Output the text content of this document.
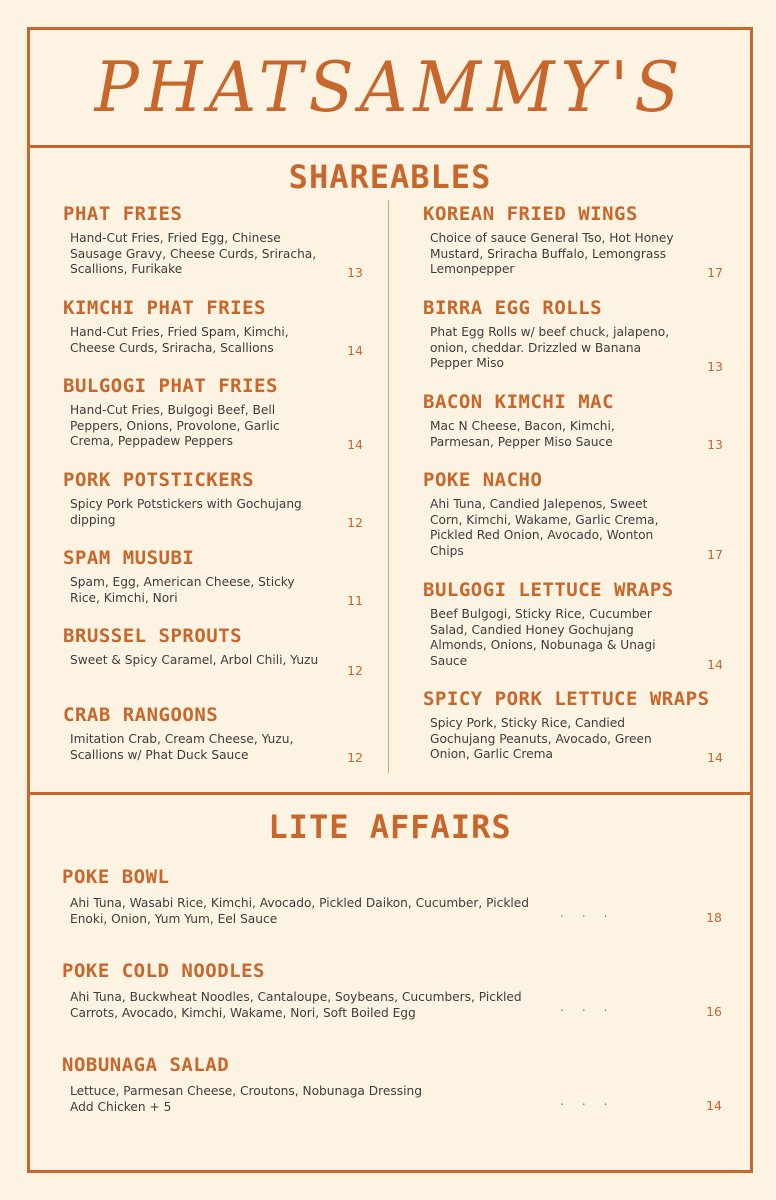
PHATSAMMY'S
SHAREABLES
PHAT FRIES
Hand-Cut Fries, Fried Egg, Chinese Sausage Gravy, Cheese Curds, Sriracha, Scallions, Furikake	13
KIMCHI PHAT FRIES
Hand-Cut Fries, Fried Spam, Kimchi, Cheese Curds, Sriracha, Scallions	14
BULGOGI PHAT FRIES
Hand-Cut Fries, Bulgogi Beef, Bell Peppers, Onions, Provolone, Garlic Crema, Peppadew Peppers	14
PORK POTSTICKERS
Spicy Pork Potstickers with Gochujang dipping	12
SPAM MUSUBI
Spam, Egg, American Cheese, Sticky Rice, Kimchi, Nori	11
BRUSSEL SPROUTS
Sweet & Spicy Caramel, Arbol Chili, Yuzu
12
CRAB RANGOONS
Imitation Crab, Cream Cheese, Yuzu, Scallions w/ Phat Duck Sauce	12
KOREAN FRIED WINGS
Choice of sauce General Tso, Hot Honey Mustard, Sriracha Buffalo, Lemongrass Lemonpepper	17
BIRRA EGG ROLLS
Phat Egg Rolls w/ beef chuck, jalapeno, onion, cheddar. Drizzled w Banana Pepper Miso	13
BACON KIMCHI MAC
Mac N Cheese, Bacon, Kimchi, Parmesan, Pepper Miso Sauce	13
POKE NACHO
Ahi Tuna, Candied Jalepenos, Sweet Corn, Kimchi, Wakame, Garlic Crema, Pickled Red Onion, Avocado, Wonton Chips	17
BULGOGI LETTUCE WRAPS
Beef Bulgogi, Sticky Rice, Cucumber Salad, Candied Honey Gochujang Almonds, Onions, Nobunaga & Unagi Sauce	14
SPICY PORK LETTUCE WRAPS
Spicy Pork, Sticky Rice, Candied Gochujang Peanuts, Avocado, Green Onion, Garlic Crema	14
LITE AFFAIRS
POKE BOWL
Ahi Tuna, Wasabi Rice, Kimchi, Avocado, Pickled Daikon, Cucumber, Pickled Enoki, Onion, Yum Yum, Eel Sauce	...	18
POKE COLD NOODLES
Ahi Tuna, Buckwheat Noodles, Cantaloupe, Soybeans, Cucumbers, Pickled Carrots, Avocado, Kimchi, Wakame, Nori, Soft Boiled Egg	...	16
NOBUNAGA SALAD
Lettuce, Parmesan Cheese, Croutons, Nobunaga Dressing
Add Chicken + 5	...	14
